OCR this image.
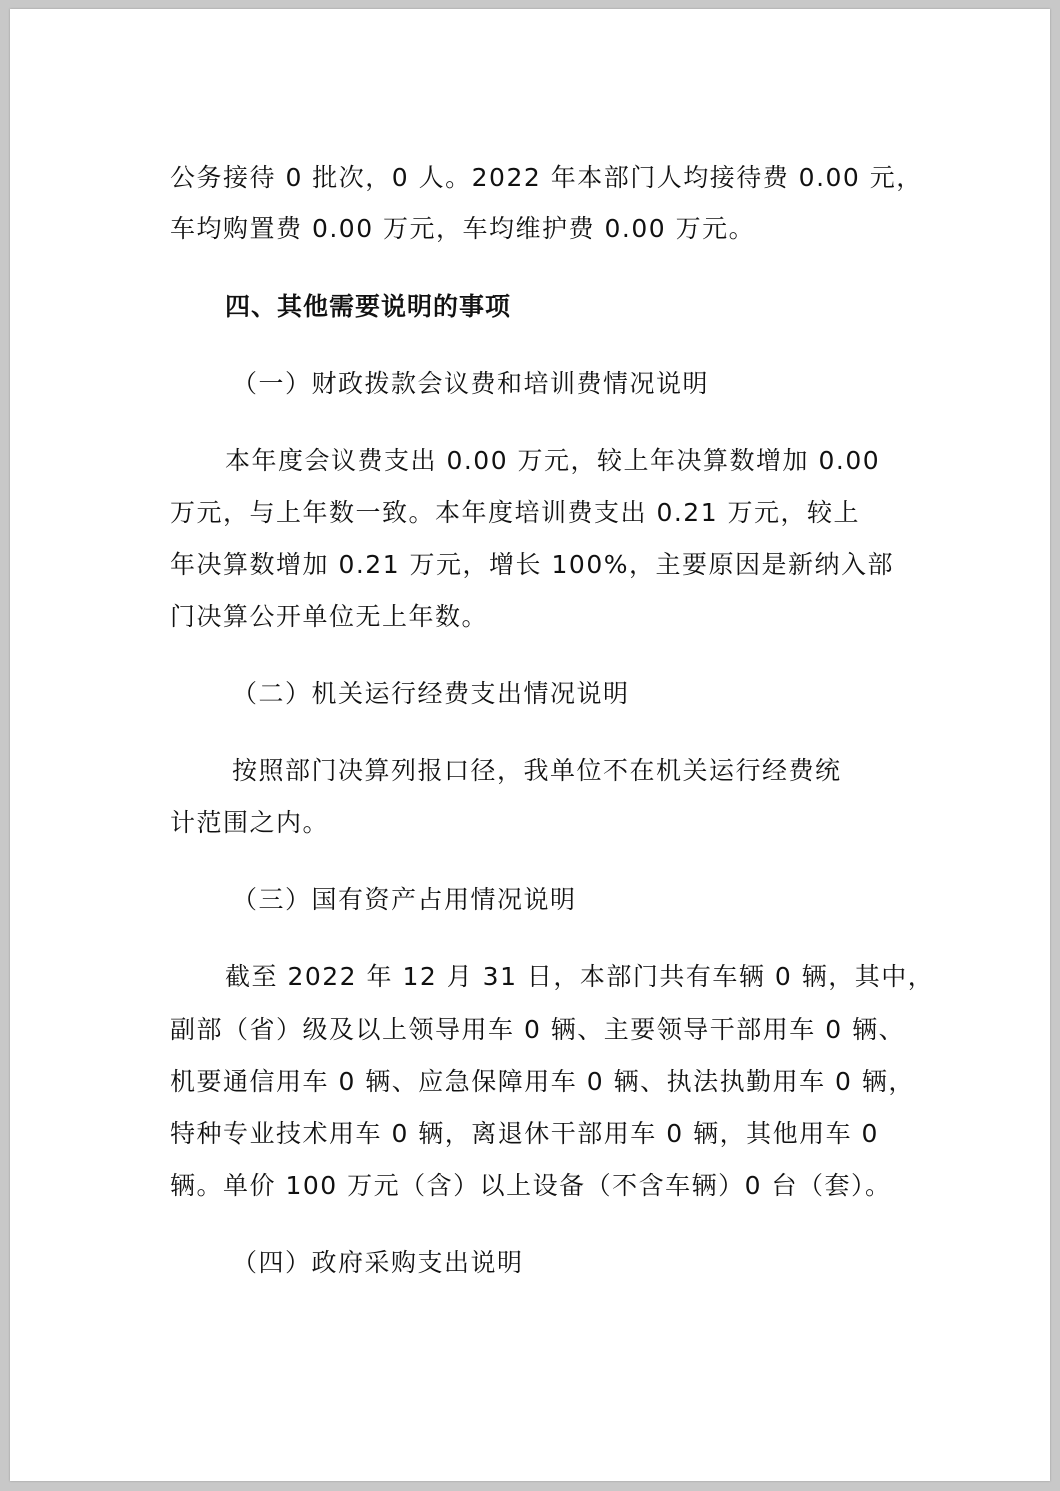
公务接待 0 批次，0 人。2022 年本部门人均接待费 0.00 元，
车均购置费 0.00 万元，车均维护费 0.00 万元。
四、其他需要说明的事项
（一）财政拨款会议费和培训费情况说明
本年度会议费支出 0.00 万元，较上年决算数增加 0.00
万元，与上年数一致。本年度培训费支出 0.21 万元，较上
年决算数增加 0.21 万元，增长 100%，主要原因是新纳入部
门决算公开单位无上年数。
（二）机关运行经费支出情况说明
按照部门决算列报口径，我单位不在机关运行经费统
计范围之内。
（三）国有资产占用情况说明
截至 2022 年 12 月 31 日，本部门共有车辆 0 辆，其中，
副部（省）级及以上领导用车 0 辆、主要领导干部用车 0 辆、
机要通信用车 0 辆、应急保障用车 0 辆、执法执勤用车 0 辆，
特种专业技术用车 0 辆，离退休干部用车 0 辆，其他用车 0
辆。单价 100 万元（含）以上设备（不含车辆）0 台（套）。
（四）政府采购支出说明
